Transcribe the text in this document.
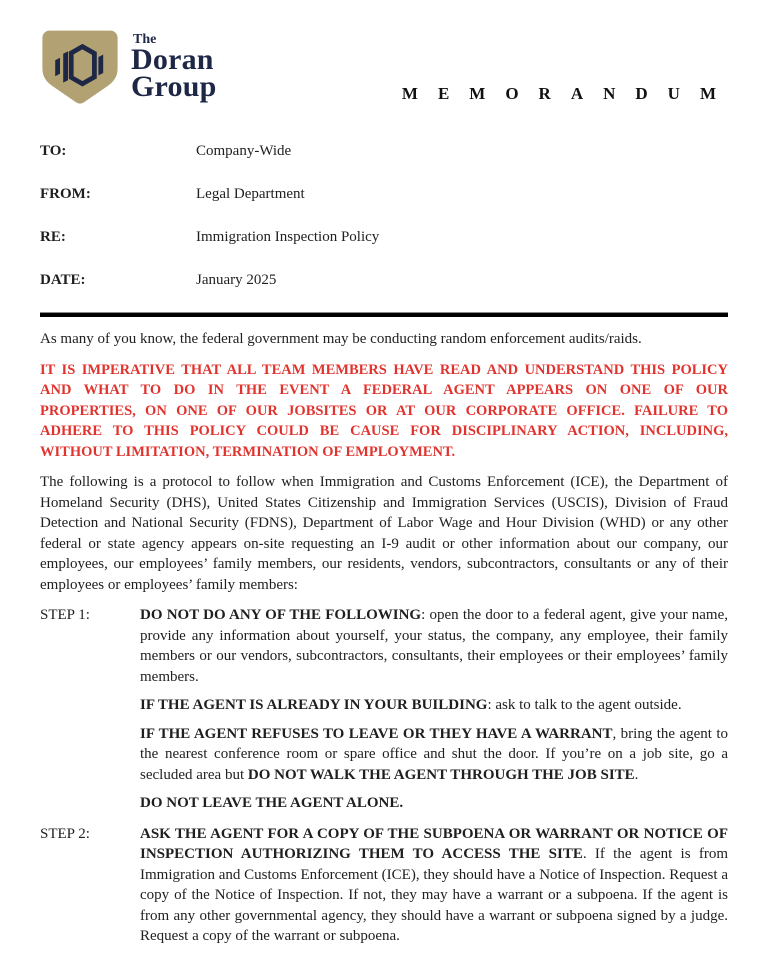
The
Doran
Group	MEMORANDUM
TO:	Company-Wide
FROM:	Legal Department
RE:	Immigration Inspection Policy
DATE:	January 2025

As many of you know, the federal government may be conducting random enforcement audits/raids.

IT IS IMPERATIVE THAT ALL TEAM MEMBERS HAVE READ AND UNDERSTAND THIS POLICY
AND WHAT TO DO IN THE EVENT A FEDERAL AGENT APPEARS ON ONE OF OUR
PROPERTIES, ON ONE OF OUR JOBSITES OR AT OUR CORPORATE OFFICE. FAILURE TO
ADHERE TO THIS POLICY COULD BE CAUSE FOR DISCIPLINARY ACTION, INCLUDING,
WITHOUT LIMITATION, TERMINATION OF EMPLOYMENT.

The following is a protocol to follow when Immigration and Customs Enforcement (ICE), the Department of Homeland Security (DHS), United States Citizenship and Immigration Services (USCIS), Division of Fraud Detection and National Security (FDNS), Department of Labor Wage and Hour Division (WHD) or any other federal or state agency appears on-site requesting an I-9 audit or other information about our company, our employees, our employees’ family members, our residents, vendors, subcontractors, consultants or any of their employees or employees’ family members:

STEP 1:	DO NOT DO ANY OF THE FOLLOWING: open the door to a federal agent, give your name, provide any information about yourself, your status, the company, any employee, their family members or our vendors, subcontractors, consultants, their employees or their employees’ family members.
IF THE AGENT IS ALREADY IN YOUR BUILDING: ask to talk to the agent outside.
IF THE AGENT REFUSES TO LEAVE OR THEY HAVE A WARRANT, bring the agent to the nearest conference room or spare office and shut the door. If you’re on a job site, go a secluded area but DO NOT WALK THE AGENT THROUGH THE JOB SITE.
DO NOT LEAVE THE AGENT ALONE.
STEP 2:	ASK THE AGENT FOR A COPY OF THE SUBPOENA OR WARRANT OR NOTICE OF INSPECTION AUTHORIZING THEM TO ACCESS THE SITE. If the agent is from Immigration and Customs Enforcement (ICE), they should have a Notice of Inspection. Request a copy of the Notice of Inspection. If not, they may have a warrant or a subpoena. If the agent is from any other governmental agency, they should have a warrant or subpoena signed by a judge. Request a copy of the warrant or subpoena.
